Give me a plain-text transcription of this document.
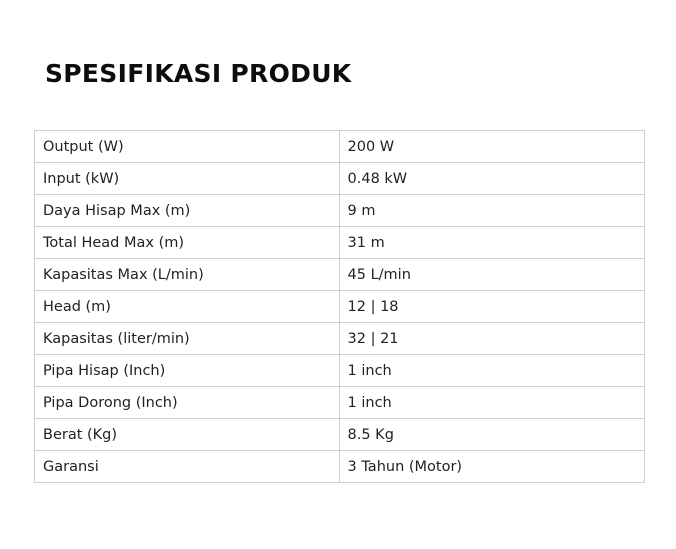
SPESIFIKASI PRODUK
Output (W)	200 W
Input (kW)	0.48 kW
Daya Hisap Max (m)	9 m
Total Head Max (m)	31 m
Kapasitas Max (L/min)	45 L/min
Head (m)	12 | 18
Kapasitas (liter/min)	32 | 21
Pipa Hisap (Inch)	1 inch
Pipa Dorong (Inch)	1 inch
Berat (Kg)	8.5 Kg
Garansi	3 Tahun (Motor)
